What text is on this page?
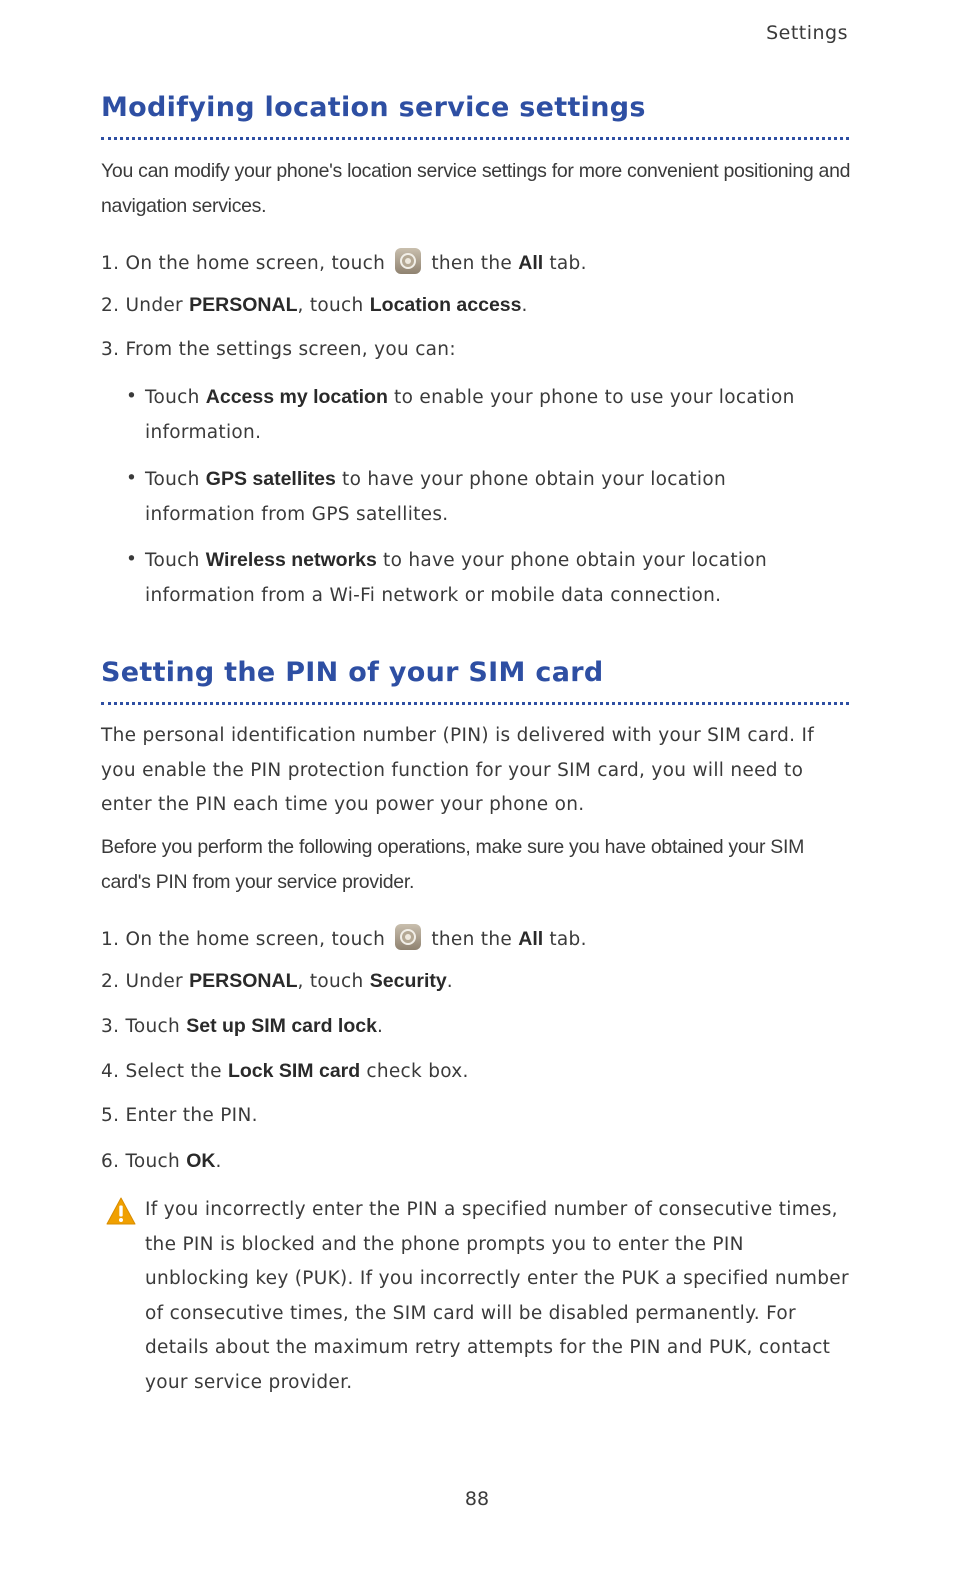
Settings
Modifying location service settings

You can modify your phone's location service settings for more convenient positioning and navigation services.

1. On the home screen, touch then the All tab.
2. Under PERSONAL, touch Location access.
3. From the settings screen, you can:
• Touch Access my location to enable your phone to use your location information.
• Touch GPS satellites to have your phone obtain your location information from GPS satellites.
• Touch Wireless networks to have your phone obtain your location information from a Wi-Fi network or mobile data connection.
Setting the PIN of your SIM card

The personal identification number (PIN) is delivered with your SIM card. If you enable the PIN protection function for your SIM card, you will need to enter the PIN each time you power your phone on.

Before you perform the following operations, make sure you have obtained your SIM card's PIN from your service provider.

1. On the home screen, touch then the All tab.
2. Under PERSONAL, touch Security.
3. Touch Set up SIM card lock.
4. Select the Lock SIM card check box.
5. Enter the PIN.
6. Touch OK.

If you incorrectly enter the PIN a specified number of consecutive times, the PIN is blocked and the phone prompts you to enter the PIN unblocking key (PUK). If you incorrectly enter the PUK a specified number of consecutive times, the SIM card will be disabled permanently. For details about the maximum retry attempts for the PIN and PUK, contact your service provider.

88
